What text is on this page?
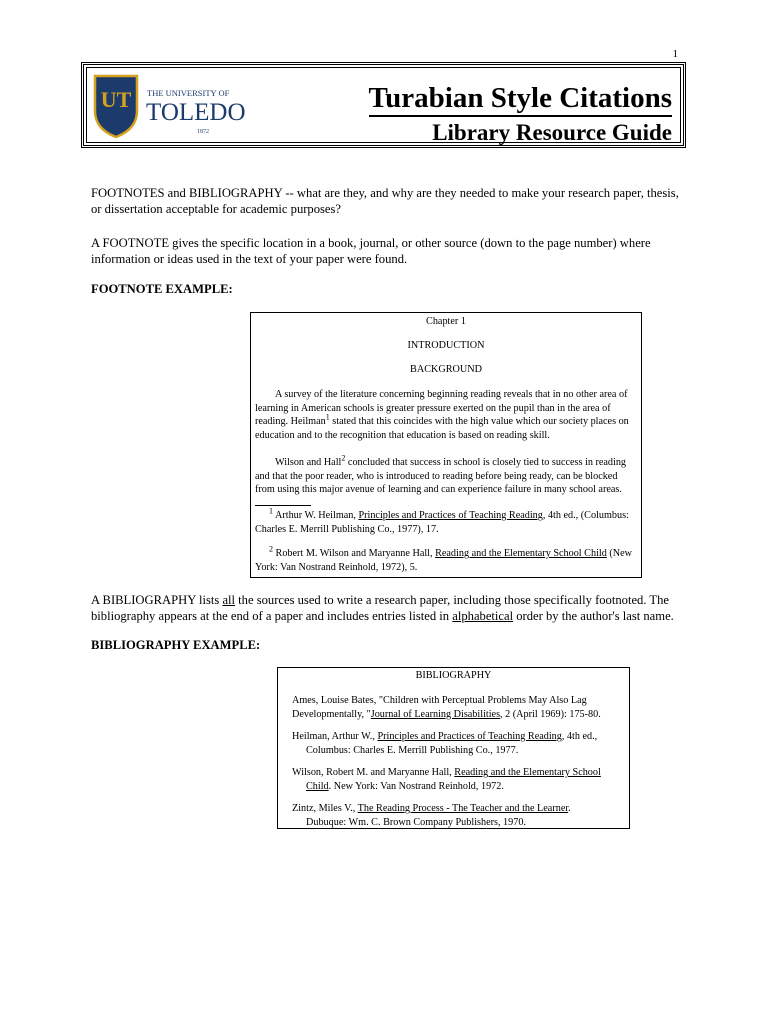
1
UT THE UNIVERSITY OF
TOLEDO
1872
Turabian Style Citations
Library Resource Guide

FOOTNOTES and BIBLIOGRAPHY -- what are they, and why are they needed to make your research paper, thesis, or dissertation acceptable for academic purposes?

A FOOTNOTE gives the specific location in a book, journal, or other source (down to the page number) where information or ideas used in the text of your paper were found.

FOOTNOTE EXAMPLE:
Chapter 1
INTRODUCTION
BACKGROUND

A survey of the literature concerning beginning reading reveals that in no other area of learning in American schools is greater pressure exerted on the pupil than in the area of reading. Heilman$^1$ stated that this coincides with the high value which our society places on education and to the recognition that education is based on reading skill.

Wilson and Hall$^2$ concluded that success in school is closely tied to success in reading and that the poor reader, who is introduced to reading before being ready, can be blocked from using this major avenue of learning and can experience failure in many school areas.

$^1$ Arthur W. Heilman, Principles and Practices of Teaching Reading, 4th ed., (Columbus: Charles E. Merrill Publishing Co., 1977), 17.

$^2$ Robert M. Wilson and Maryanne Hall, Reading and the Elementary School Child (New York: Van Nostrand Reinhold, 1972), 5.

A BIBLIOGRAPHY lists all the sources used to write a research paper, including those specifically footnoted. The bibliography appears at the end of a paper and includes entries listed in alphabetical order by the author's last name.

BIBLIOGRAPHY EXAMPLE:
BIBLIOGRAPHY

Ames, Louise Bates, "Children with Perceptual Problems May Also Lag
Developmentally, "Journal of Learning Disabilities, 2 (April 1969): 175-80.

Heilman, Arthur W., Principles and Practices of Teaching Reading, 4th ed.,
Columbus: Charles E. Merrill Publishing Co., 1977.

Wilson, Robert M. and Maryanne Hall, Reading and the Elementary School
Child. New York: Van Nostrand Reinhold, 1972.

Zintz, Miles V., The Reading Process - The Teacher and the Learner.
Dubuque: Wm. C. Brown Company Publishers, 1970.
